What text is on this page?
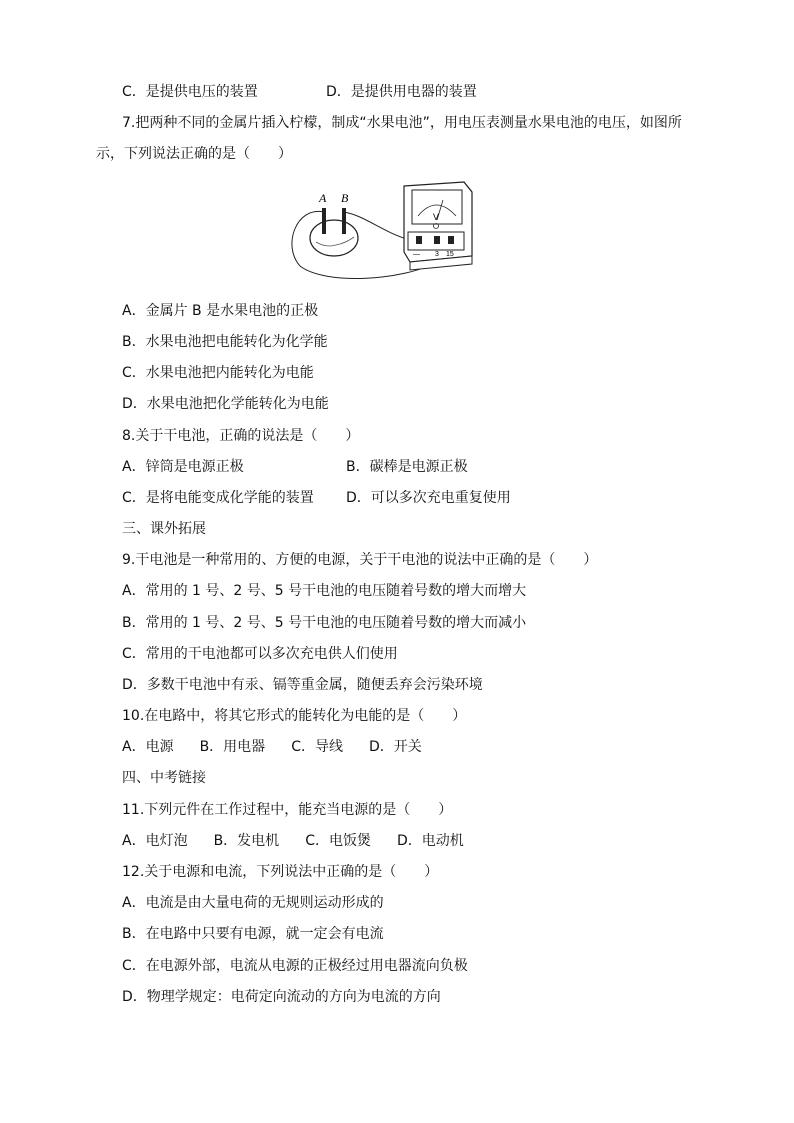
C．是提供电压的装置	D．是提供用电器的装置
7.把两种不同的金属片插入柠檬，制成“水果电池”，用电压表测量水果电池的电压，如图所
示，下列说法正确的是（　　）
A B
V
— 3 15
A．金属片 B 是水果电池的正极
B．水果电池把电能转化为化学能
C．水果电池把内能转化为电能
D．水果电池把化学能转化为电能
8.关于干电池，正确的说法是（　　）
A．锌筒是电源正极	B．碳棒是电源正极
C．是将电能变成化学能的装置 D．可以多次充电重复使用
三、课外拓展
9.干电池是一种常用的、方便的电源，关于干电池的说法中正确的是（　　）
A．常用的 1 号、2 号、5 号干电池的电压随着号数的增大而增大
B．常用的 1 号、2 号、5 号干电池的电压随着号数的增大而减小
C．常用的干电池都可以多次充电供人们使用
D．多数干电池中有汞、镉等重金属，随便丢弃会污染环境
10.在电路中，将其它形式的能转化为电能的是（　　）
A．电源 B．用电器 C．导线 D．开关
四、中考链接
11.下列元件在工作过程中，能充当电源的是（　　）
A．电灯泡 B．发电机 C．电饭煲 D．电动机
12.关于电源和电流，下列说法中正确的是（　　）
A．电流是由大量电荷的无规则运动形成的
B．在电路中只要有电源，就一定会有电流
C．在电源外部，电流从电源的正极经过用电器流向负极
D．物理学规定：电荷定向流动的方向为电流的方向
